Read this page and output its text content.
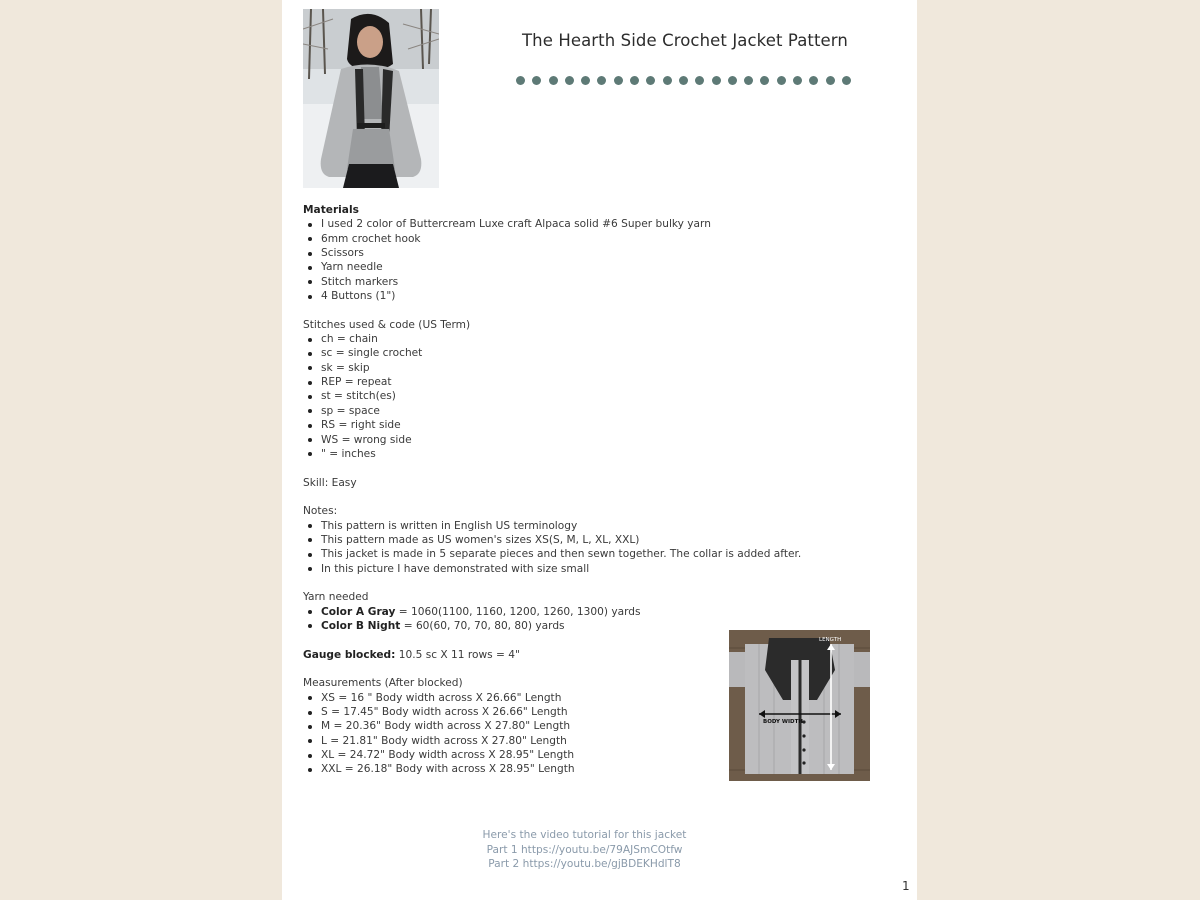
The Hearth Side Crochet Jacket Pattern
Materials
I used 2 color of Buttercream Luxe craft Alpaca solid #6 Super bulky yarn
6mm crochet hook
Scissors
Yarn needle
Stitch markers
4 Buttons (1")
Stitches used & code (US Term)
ch = chain
sc = single crochet
sk = skip
REP = repeat
st = stitch(es)
sp = space
RS = right side
WS = wrong side
" = inches
Skill: Easy
Notes:
This pattern is written in English US terminology
This pattern made as US women's sizes XS(S, M, L, XL, XXL)
This jacket is made in 5 separate pieces and then sewn together. The collar is added after.
In this picture I have demonstrated with size small
Yarn needed
Color A Gray = 1060(1100, 1160, 1200, 1260, 1300) yards
Color B Night = 60(60, 70, 70, 80, 80) yards
Gauge blocked: 10.5 sc X 11 rows = 4"
Measurements (After blocked)
XS = 16 " Body width across X 26.66" Length
S = 17.45" Body width across X 26.66" Length
M = 20.36" Body width across X 27.80" Length
L = 21.81" Body width across X 27.80" Length
XL = 24.72" Body width across X 28.95" Length
XXL = 26.18" Body with across X 28.95" Length
LENGTH
BODY WIDTH
Here's the video tutorial for this jacket
Part 1 https://youtu.be/79AJSmCOtfw
Part 2 https://youtu.be/gjBDEKHdlT8
1
